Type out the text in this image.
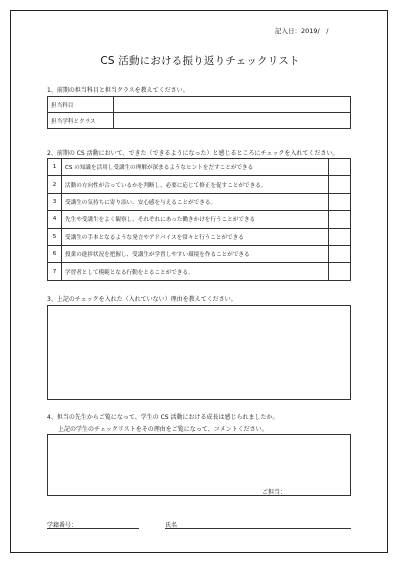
記入日：2019/　/
CS 活動における振り返りチェックリスト
1、前期の担当科目と担当クラスを教えてください。
担当科目	
担当学科とクラス	
2、前期の CS 活動において、できた（できるようになった）と感じるところにチェックを入れてください。
1	CS の知識を活用し受講生の理解が深まるようなヒントをだすことができる	
2	活動の方向性が合っているかを判断し、必要に応じて修正を促すことができる。	
3	受講生の気持ちに寄り添い、安心感を与えることができる。	
4	先生や受講生をよく観察し、それぞれにあった働きかけを行うことができる	
5	受講生の手本となるような発言やアドバイスを常々と行うことができる	
6	授業の進捗状況を把握し、受講生が学習しやすい環境を作ることができる	
7	学習者として模範となる行動をとることができる。	
3、上記のチェックを入れた（入れていない）理由を教えてください。
4、担当の先生からご覧になって、学生の CS 活動における成長は感じられましたか。
上記の学生のチェックリストをその理由をご覧になって、コメントください。
ご担当：
学籍番号：	氏名
